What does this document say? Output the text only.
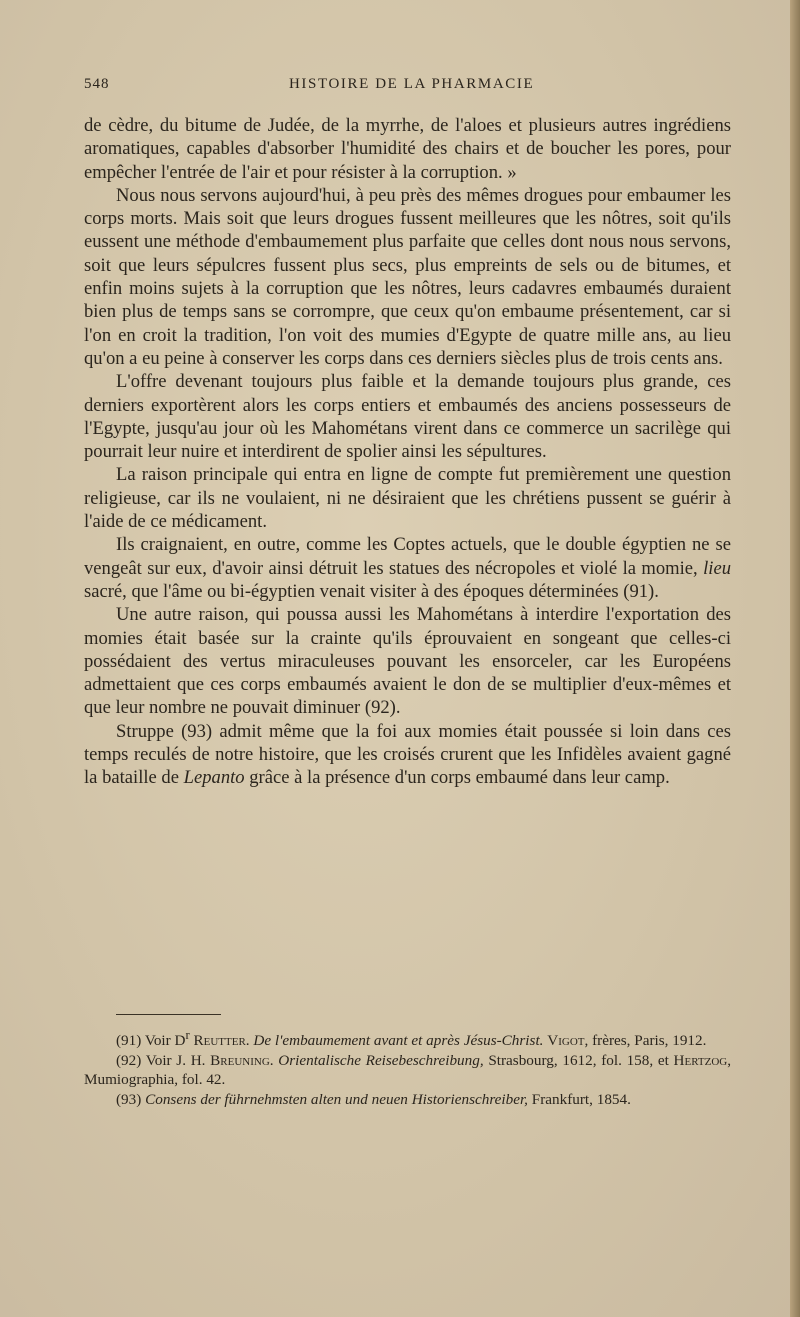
548	HISTOIRE DE LA PHARMACIE

de cèdre, du bitume de Judée, de la myrrhe, de l'aloes et plusieurs autres ingrédiens aromatiques, capables d'absorber l'humidité des chairs et de boucher les pores, pour empêcher l'entrée de l'air et pour résister à la corruption. »

Nous nous servons aujourd'hui, à peu près des mêmes drogues pour embaumer les corps morts. Mais soit que leurs drogues fussent meilleures que les nôtres, soit qu'ils eussent une méthode d'embaumement plus parfaite que celles dont nous nous servons, soit que leurs sépulcres fussent plus secs, plus empreints de sels ou de bitumes, et enfin moins sujets à la corruption que les nôtres, leurs cadavres embaumés duraient bien plus de temps sans se corrompre, que ceux qu'on embaume présentement, car si l'on en croit la tradition, l'on voit des mumies d'Egypte de quatre mille ans, au lieu qu'on a eu peine à conserver les corps dans ces derniers siècles plus de trois cents ans.

L'offre devenant toujours plus faible et la demande toujours plus grande, ces derniers exportèrent alors les corps entiers et embaumés des anciens possesseurs de l'Egypte, jusqu'au jour où les Mahométans virent dans ce commerce un sacrilège qui pourrait leur nuire et interdirent de spolier ainsi les sépultures.

La raison principale qui entra en ligne de compte fut premièrement une question religieuse, car ils ne voulaient, ni ne désiraient que les chrétiens pussent se guérir à l'aide de ce médicament.

Ils craignaient, en outre, comme les Coptes actuels, que le double égyptien ne se vengeât sur eux, d'avoir ainsi détruit les statues des nécropoles et violé la momie, lieu sacré, que l'âme ou bi-égyptien venait visiter à des époques déterminées (91).

Une autre raison, qui poussa aussi les Mahométans à interdire l'exportation des momies était basée sur la crainte qu'ils éprouvaient en songeant que celles-ci possédaient des vertus miraculeuses pouvant les ensorceler, car les Européens admettaient que ces corps embaumés avaient le don de se multiplier d'eux-mêmes et que leur nombre ne pouvait diminuer (92).

Struppe (93) admit même que la foi aux momies était poussée si loin dans ces temps reculés de notre histoire, que les croisés crurent que les Infidèles avaient gagné la bataille de Lepanto grâce à la présence d'un corps embaumé dans leur camp.

(91) Voir $D^r$ Reutter. De l'embaumement avant et après Jésus-Christ. Vigot, frères, Paris, 1912.

(92) Voir J. H. Breuning. Orientalische Reisebeschreibung, Strasbourg, 1612, fol. 158, et Hertzog, Mumiographia, fol. 42.

(93) Consens der führnehmsten alten und neuen Historienschreiber, Frankfurt, 1854.
